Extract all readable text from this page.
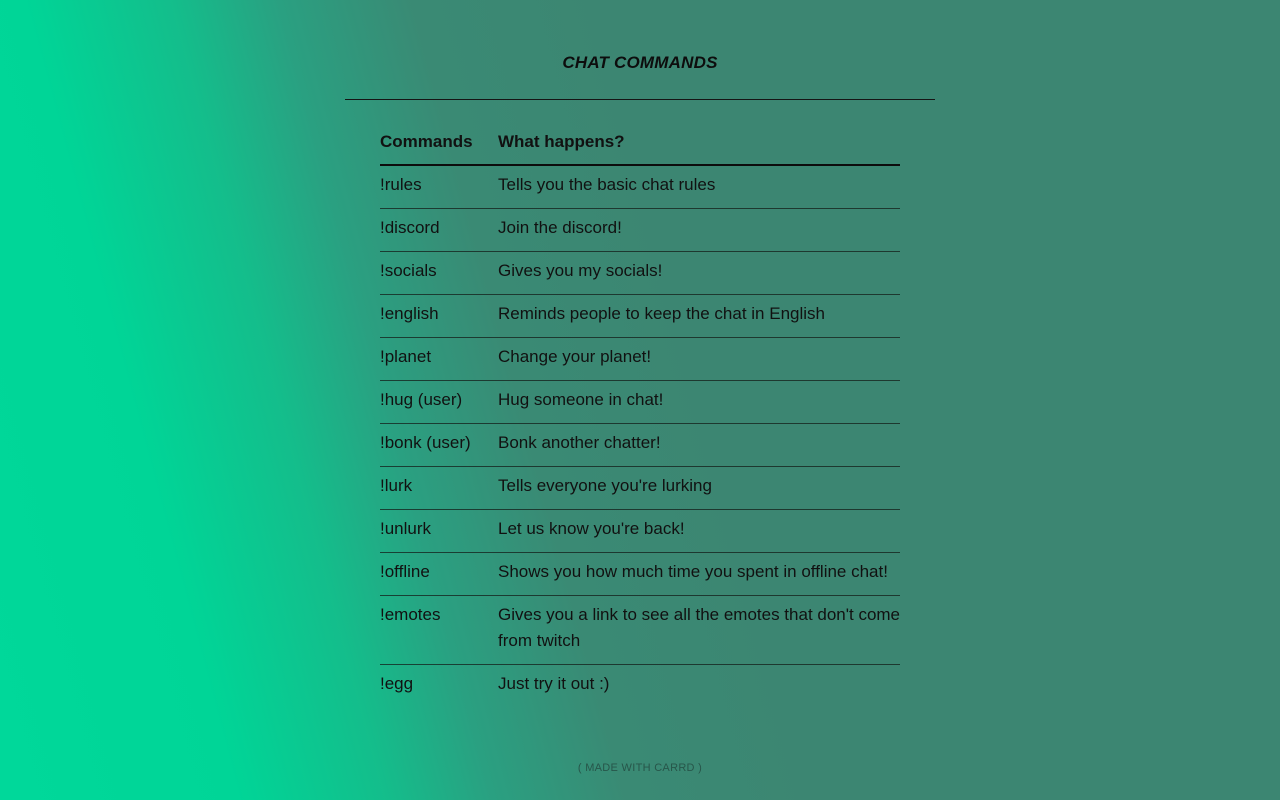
CHAT COMMANDS
Commands	What happens?

!rules	Tells you the basic chat rules

!discord	Join the discord!

!socials	Gives you my socials!

!english	Reminds people to keep the chat in English

!planet	Change your planet!

!hug (user)	Hug someone in chat!

!bonk (user)	Bonk another chatter!

!lurk	Tells everyone you're lurking

!unlurk	Let us know you're back!

!offline	Shows you how much time you spent in offline chat!

!emotes	Gives you a link to see all the emotes that don't come from twitch

!egg	Just try it out :)
( MADE WITH CARRD )
